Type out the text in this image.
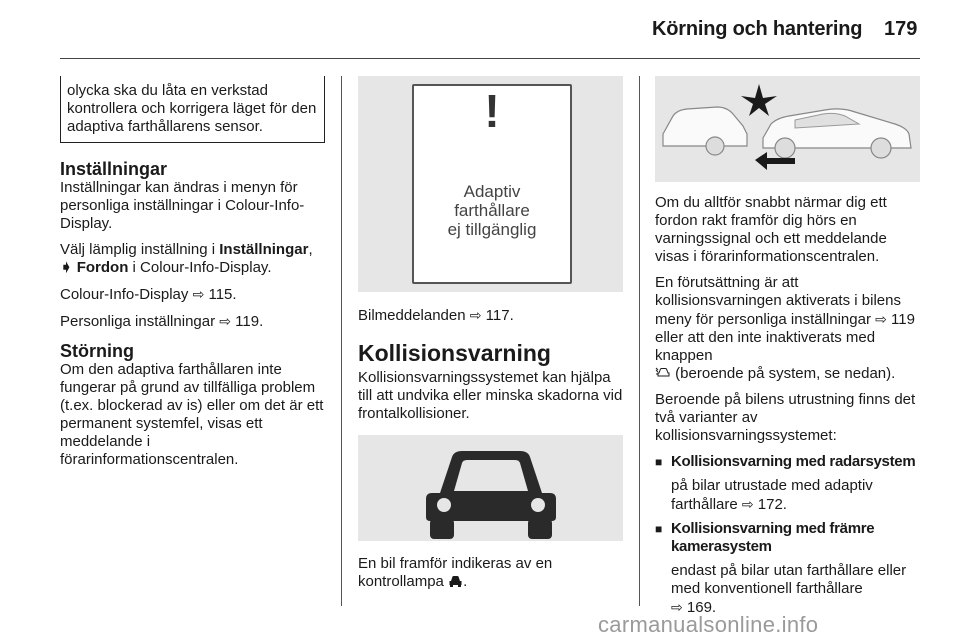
Körning och hantering 179
olycka ska du låta en verkstad kontrollera och korrigera läget för den adaptiva farthållarens sensor.
Inställningar

Inställningar kan ändras i menyn för personliga inställningar i Colour-Info-Display.

Välj lämplig inställning i Inställningar, ➧ Fordon i Colour-Info-Display.

Colour-Info-Display ⇨ 115.

Personliga inställningar ⇨ 119.

Störning

Om den adaptiva farthållaren inte fungerar på grund av tillfälliga problem (t.ex. blockerad av is) eller om det är ett permanent systemfel, visas ett meddelande i förarinformationscentralen.

!
Adaptiv
farthållare
ej tillgänglig

Bilmeddelanden ⇨ 117.

Kollisionsvarning

Kollisionsvarningssystemet kan hjälpa till att undvika eller minska skadorna vid frontalkollisioner.

En bil framför indikeras av en kontrollampa .

Om du alltför snabbt närmar dig ett fordon rakt framför dig hörs en varningssignal och ett meddelande visas i förarinformationscentralen.

En förutsättning är att kollisionsvarningen aktiverats i bilens meny för personliga inställningar ⇨ 119 eller att den inte inaktiverats med knappen
(beroende på system, se nedan).

Beroende på bilens utrustning finns det två varianter av kollisionsvarningssystemet:

■ Kollisionsvarning med radarsystem
på bilar utrustade med adaptiv farthållare ⇨ 172.
■ Kollisionsvarning med främre kamerasystem
endast på bilar utan farthållare eller med konventionell farthållare
⇨ 169.
carmanualsonline.info
